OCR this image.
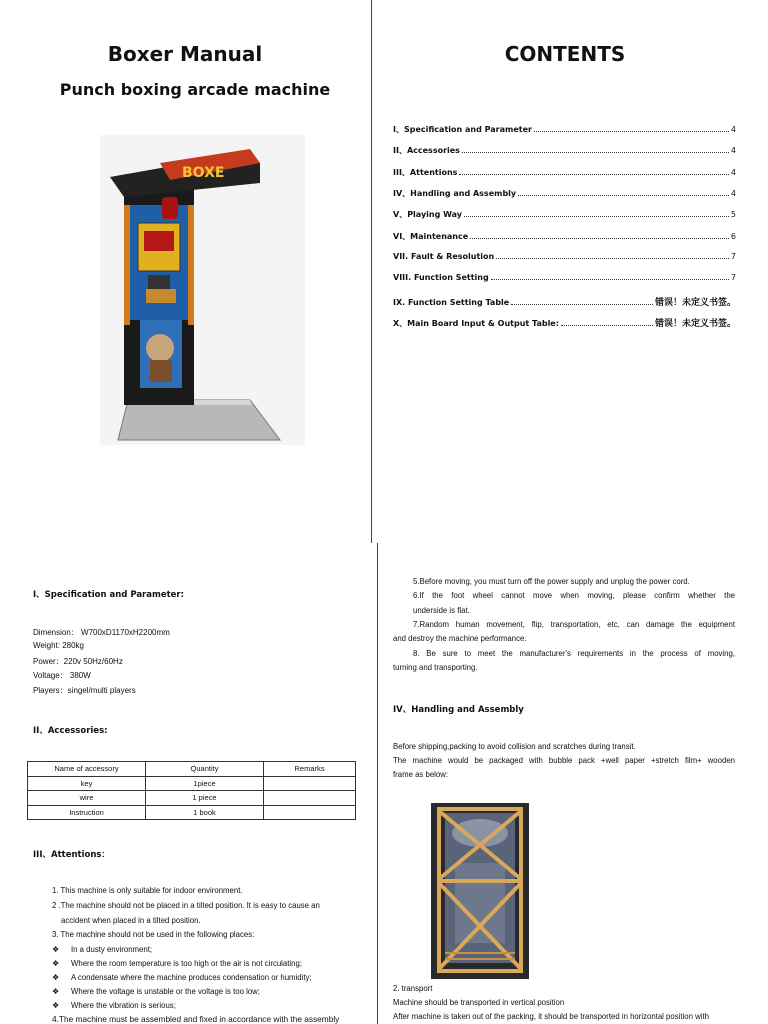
Boxer Manual
Punch boxing arcade machine
BOXE
CONTENTS
I、Specification and Parameter	4
II、Accessories	4
III、Attentions	4
IV、Handling and Assembly	4
V、Playing Way	5
VI、Maintenance	6
VII. Fault & Resolution	7
VIII. Function Setting	7
IX. Function Setting Table	错误！未定义书签。
X、Main Board Input & Output Table:	错误！未定义书签。
I、Specification and Parameter:
Dimension： W700xD1170xH2200mm
Weight: 280kg
Power：220v 50Hz/60Hz
Voltage： 380W
Players：singel/multi players
II、Accessories:
Name of accessory	Quantity	Remarks
key	1piece	
wire	1 piece	
Instruction	1 book	
III、Attentions：
1. This machine is only suitable for indoor environment.
2 .The machine should not be placed in a tilted position. It is easy to cause an
accident when placed in a tilted position.
3. The machine should not be used in the following places:
❖ In a dusty environment;
❖ Where the room temperature is too high or the air is not circulating;
❖ A condensate where the machine produces condensation or humidity;
❖ Where the voltage is unstable or the voltage is too low;
❖ Where the vibration is serious;
4.The machine must be assembled and fixed in accordance with the assembly
5.Before moving, you must turn off the power supply and unplug the power cord.
6.If the foot wheel cannot move when moving, please confirm whether the
underside is flat.
7.Random human movement, flip, transportation, etc, can damage the equipment
and destroy the machine performance.
8. Be sure to meet the manufacturer's requirements in the process of moving,
turning and transporting.
IV、Handling and Assembly
Before shipping,packing to avoid collision and scratches during transit.
The machine would be packaged with bubble pack +well paper +stretch film+ wooden
frame as below:
2. transport
Machine should be transported in vertical position
After machine is taken out of the packing, it should be transported in horizontal position with
